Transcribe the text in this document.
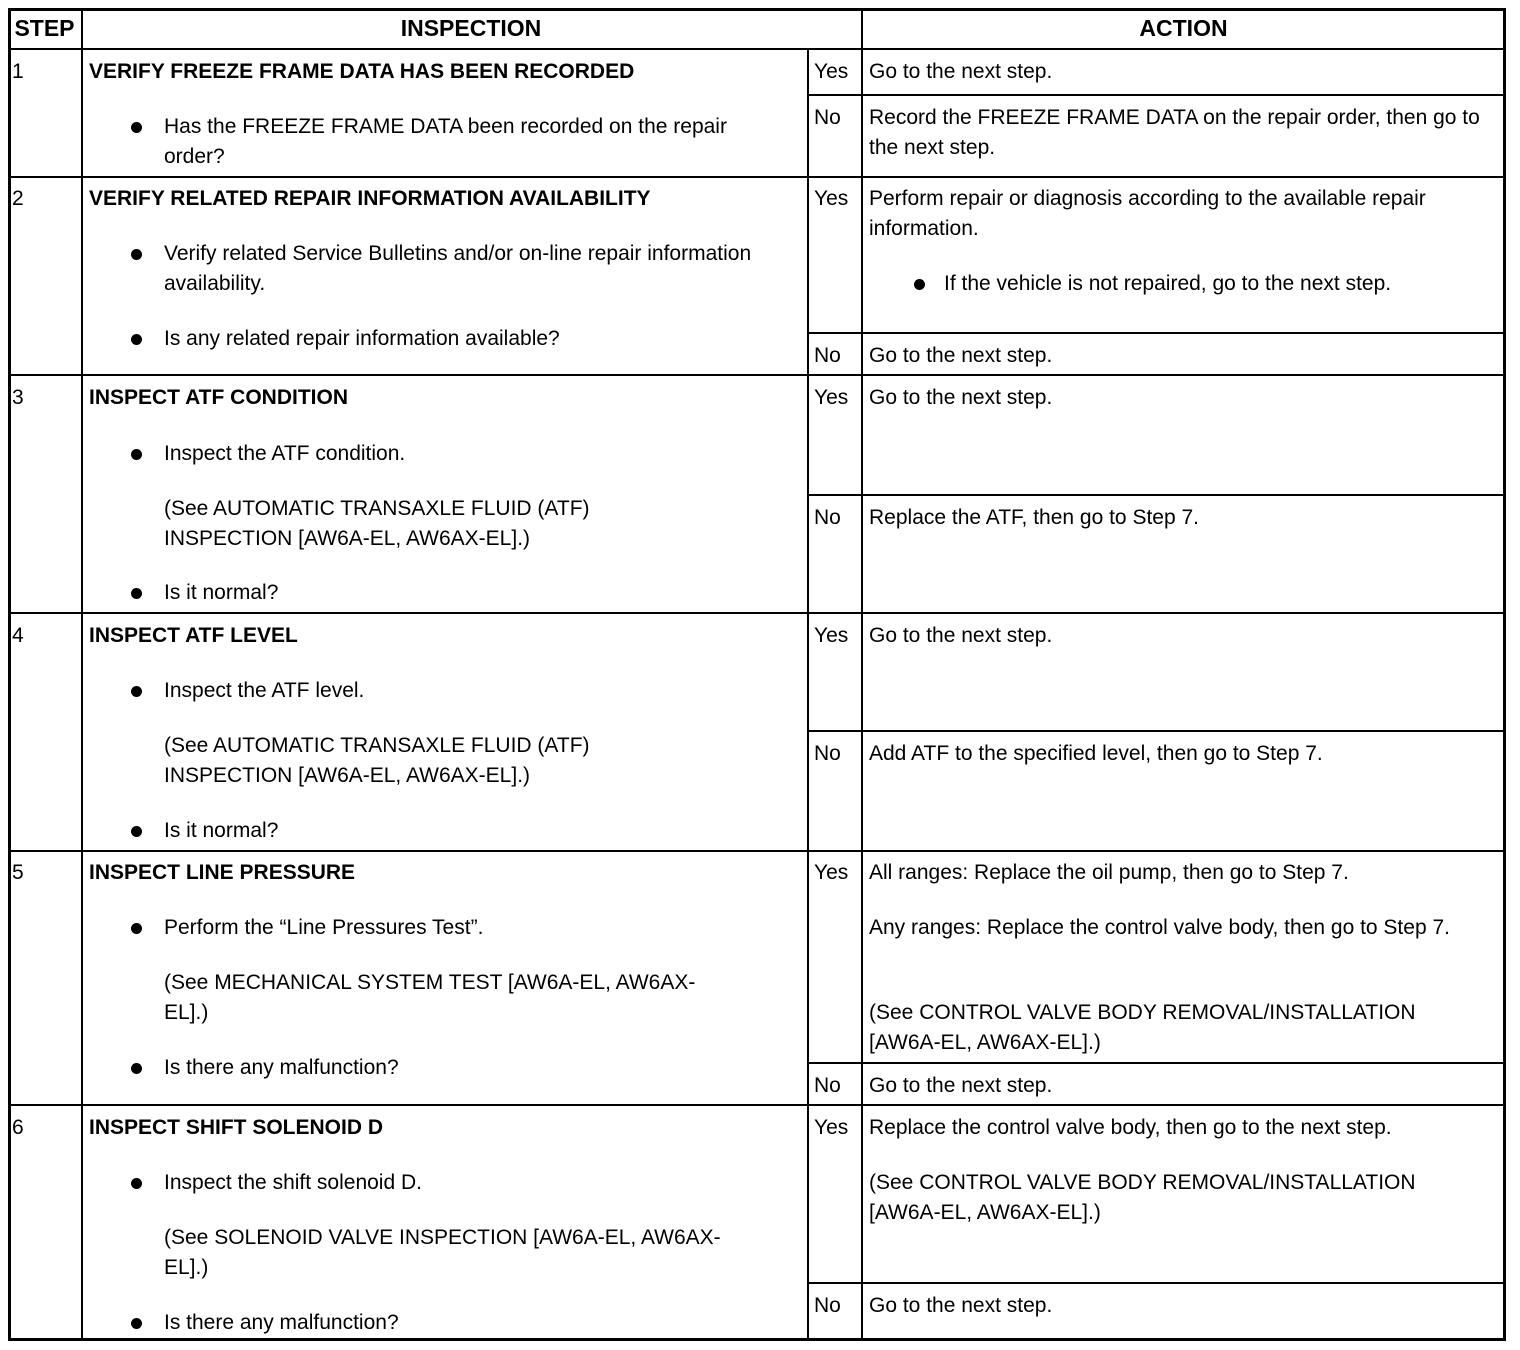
STEP	INSPECTION	ACTION
1	VERIFY FREEZE FRAME DATA HAS BEEN RECORDED
Has the FREEZE FRAME DATA been recorded on the repair order?
Yes Go to the next step.
No Record the FREEZE FRAME DATA on the repair order, then go to the next step.
2	VERIFY RELATED REPAIR INFORMATION AVAILABILITY
Verify related Service Bulletins and/or on-line repair information availability.
Is any related repair information available?
Yes Perform repair or diagnosis according to the available repair information.
If the vehicle is not repaired, go to the next step.
No Go to the next step.
3	INSPECT ATF CONDITION
Inspect the ATF condition.
(See AUTOMATIC TRANSAXLE FLUID (ATF) INSPECTION [AW6A-EL, AW6AX-EL].)
Is it normal?
Yes Go to the next step.
No Replace the ATF, then go to Step 7.
4	INSPECT ATF LEVEL
Inspect the ATF level.
(See AUTOMATIC TRANSAXLE FLUID (ATF) INSPECTION [AW6A-EL, AW6AX-EL].)
Is it normal?
Yes Go to the next step.
No Add ATF to the specified level, then go to Step 7.
5	INSPECT LINE PRESSURE
Perform the “Line Pressures Test”.
(See MECHANICAL SYSTEM TEST [AW6A-EL, AW6AX-EL].)
Is there any malfunction?
Yes All ranges: Replace the oil pump, then go to Step 7.
Any ranges: Replace the control valve body, then go to Step 7.
(See CONTROL VALVE BODY REMOVAL/INSTALLATION [AW6A-EL, AW6AX-EL].)
No Go to the next step.
6	INSPECT SHIFT SOLENOID D
Inspect the shift solenoid D.
(See SOLENOID VALVE INSPECTION [AW6A-EL, AW6AX-EL].)
Is there any malfunction?
Yes Replace the control valve body, then go to the next step.
(See CONTROL VALVE BODY REMOVAL/INSTALLATION [AW6A-EL, AW6AX-EL].)
No Go to the next step.
